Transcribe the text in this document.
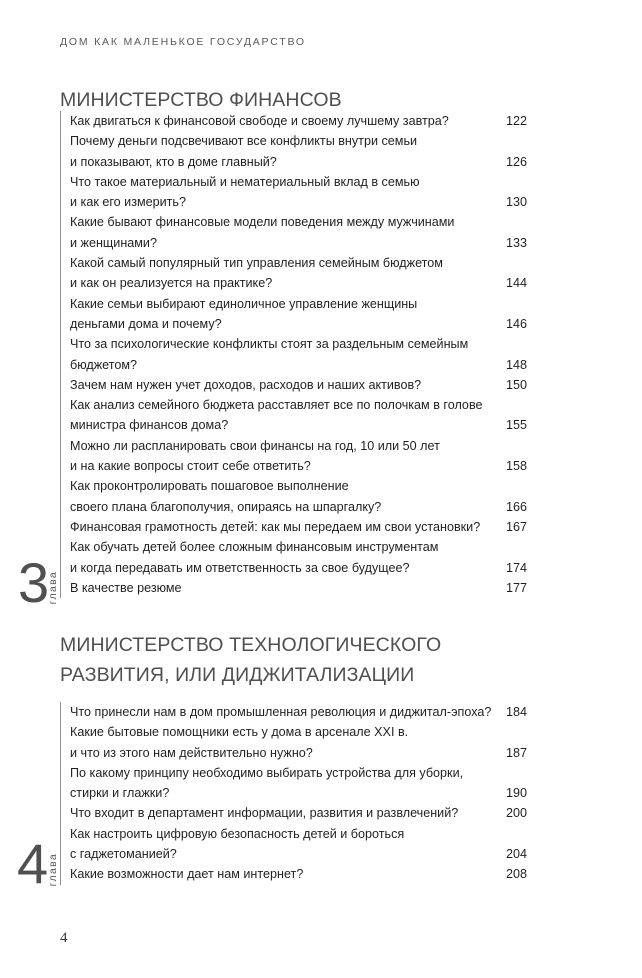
ДОМ КАК МАЛЕНЬКОЕ ГОСУДАРСТВО
МИНИСТЕРСТВО ФИНАНСОВ
Как двигаться к финансовой свободе и своему лучшему завтра?	122
Почему деньги подсвечивают все конфликты внутри семьи
и показывают, кто в доме главный?	126
Что такое материальный и нематериальный вклад в семью
и как его измерить?	130
Какие бывают финансовые модели поведения между мужчинами
и женщинами?	133
Какой самый популярный тип управления семейным бюджетом
и как он реализуется на практике?	144
Какие семьи выбирают единоличное управление женщины
деньгами дома и почему?	146
Что за психологические конфликты стоят за раздельным семейным
бюджетом?	148
Зачем нам нужен учет доходов, расходов и наших активов?	150
Как анализ семейного бюджета расставляет все по полочкам в голове
министра финансов дома?	155
Можно ли распланировать свои финансы на год, 10 или 50 лет
и на какие вопросы стоит себе ответить?	158
Как проконтролировать пошаговое выполнение
своего плана благополучия, опираясь на шпаргалку?	166
Финансовая грамотность детей: как мы передаем им свои установки?	167
Как обучать детей более сложным финансовым инструментам
и когда передавать им ответственность за свое будущее?	174
В качестве резюме	177
3
глава
МИНИСТЕРСТВО ТЕХНОЛОГИЧЕСКОГО
РАЗВИТИЯ, ИЛИ ДИДЖИТАЛИЗАЦИИ
Что принесли нам в дом промышленная революция и диджитал-эпоха?	184
Какие бытовые помощники есть у дома в арсенале XXI в.
и что из этого нам действительно нужно?	187
По какому принципу необходимо выбирать устройства для уборки,
стирки и глажки?	190
Что входит в департамент информации, развития и развлечений?	200
Как настроить цифровую безопасность детей и бороться
с гаджетоманией?	204
Какие возможности дает нам интернет?	208
4
глава
4
